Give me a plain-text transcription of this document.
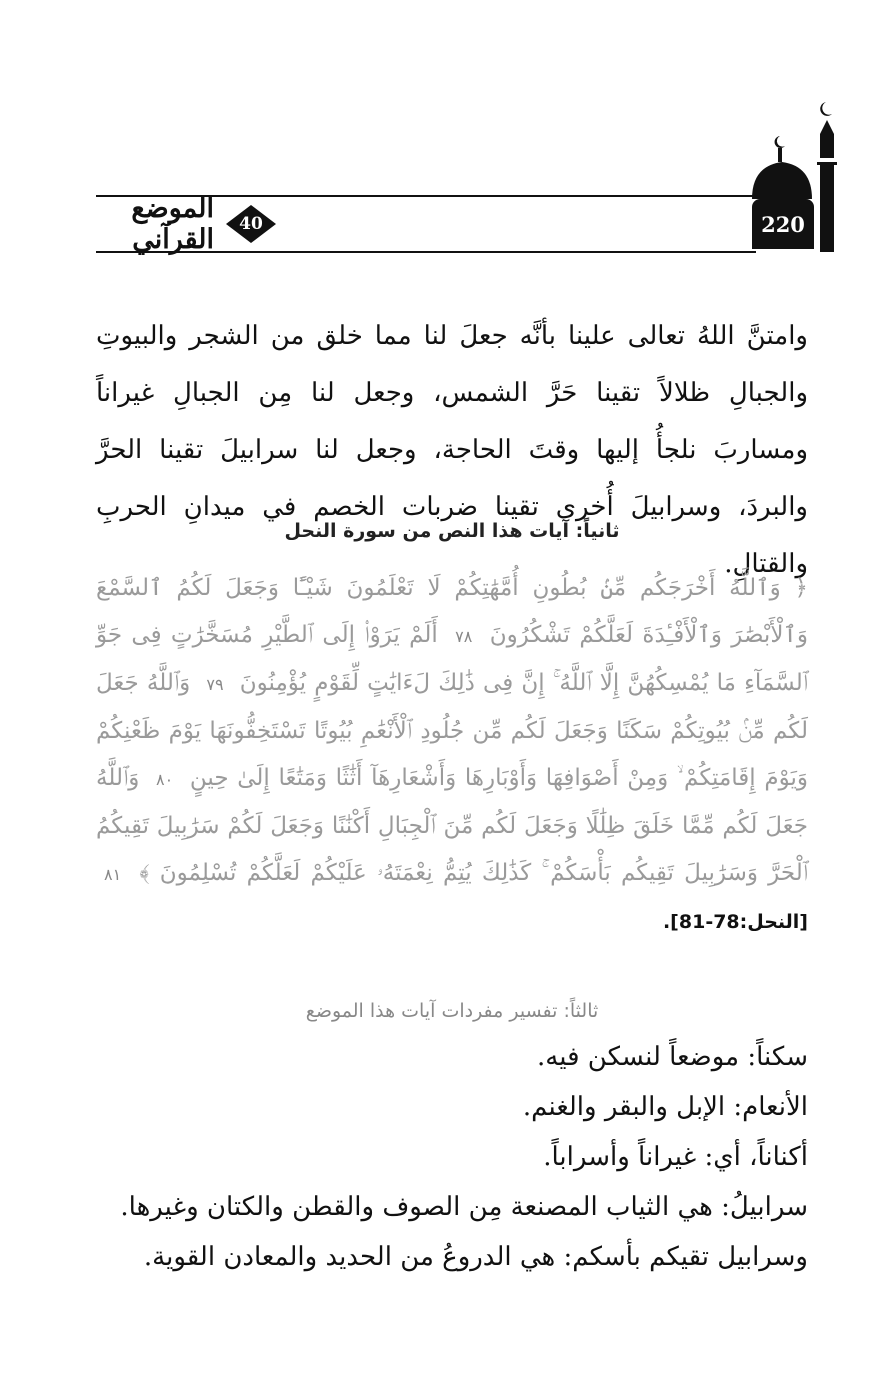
الموضع القرآني	40	220

وامتنَّ اللهُ تعالى علينا بأنَّه جعلَ لنا مما خلق من الشجر والبيوتِ والجبالِ ظلالاً تقينا حَرَّ الشمس، وجعل لنا مِن الجبالِ غيراناً ومساربَ نلجأُ إليها وقتَ الحاجة، وجعل لنا سرابيلَ تقينا الحرَّ والبردَ، وسرابيلَ أُخرى تقينا ضربات الخصم في ميدانِ الحربِ والقتالِ.

ثانياً: آيات هذا النص من سورة النحل
﴿ وَٱللَّهُ أَخْرَجَكُم مِّنۢ بُطُونِ أُمَّهَٰتِكُمْ لَا تَعْلَمُونَ شَيْـًٔا وَجَعَلَ لَكُمُ ٱلسَّمْعَ وَٱلْأَبْصَٰرَ وَٱلْأَفْـِٔدَةَ لَعَلَّكُمْ تَشْكُرُونَ ٧٨ أَلَمْ يَرَوْا۟ إِلَى ٱلطَّيْرِ مُسَخَّرَٰتٍ فِى جَوِّ ٱلسَّمَآءِ مَا يُمْسِكُهُنَّ إِلَّا ٱللَّهُ ۚ إِنَّ فِى ذَٰلِكَ لَءَايَٰتٍ لِّقَوْمٍ يُؤْمِنُونَ ٧٩ وَٱللَّهُ جَعَلَ لَكُم مِّنۢ بُيُوتِكُمْ سَكَنًا وَجَعَلَ لَكُم مِّن جُلُودِ ٱلْأَنْعَٰمِ بُيُوتًا تَسْتَخِفُّونَهَا يَوْمَ ظَعْنِكُمْ وَيَوْمَ إِقَامَتِكُمْ ۙ وَمِنْ أَصْوَافِهَا وَأَوْبَارِهَا وَأَشْعَارِهَآ أَثَٰثًا وَمَتَٰعًا إِلَىٰ حِينٍ ٨٠ وَٱللَّهُ جَعَلَ لَكُم مِّمَّا خَلَقَ ظِلَٰلًا وَجَعَلَ لَكُم مِّنَ ٱلْجِبَالِ أَكْنَٰنًا وَجَعَلَ لَكُمْ سَرَٰبِيلَ تَقِيكُمُ ٱلْحَرَّ وَسَرَٰبِيلَ تَقِيكُم بَأْسَكُمْ ۚ كَذَٰلِكَ يُتِمُّ نِعْمَتَهُۥ عَلَيْكُمْ لَعَلَّكُمْ تُسْلِمُونَ ﴾ ٨١ [النحل:78-81].
ثالثاً: تفسير مفردات آيات هذا الموضع
سكناً: موضعاً لنسكن فيه.
الأنعام: الإبل والبقر والغنم.
أكناناً، أي: غيراناً وأسراباً.
سرابيلُ: هي الثياب المصنعة مِن الصوف والقطن والكتان وغيرها.
وسرابيل تقيكم بأسكم: هي الدروعُ من الحديد والمعادن القوية.
